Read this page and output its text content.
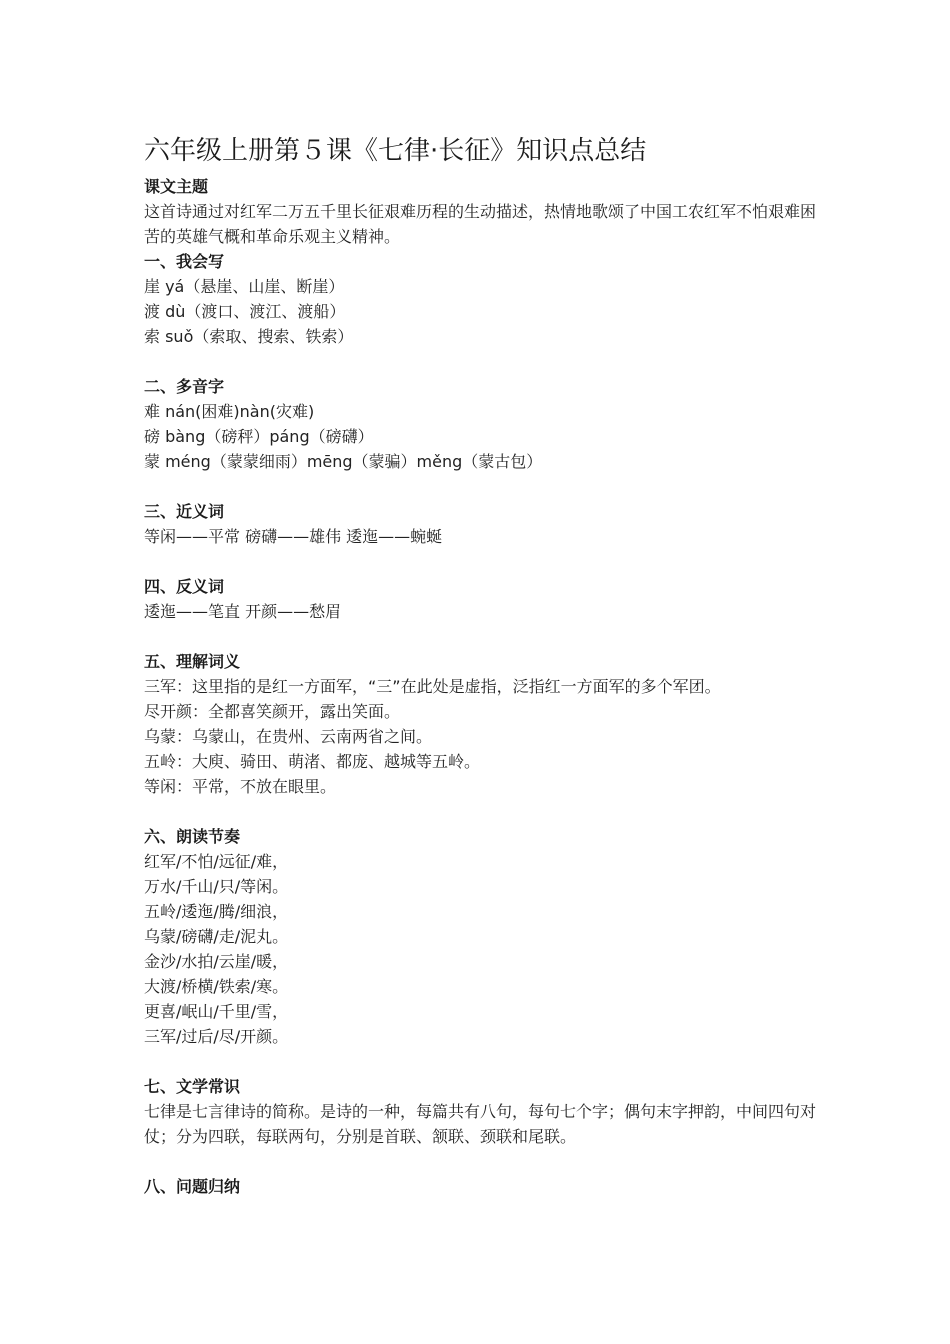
六年级上册第５课《七律·长征》知识点总结

课文主题

这首诗通过对红军二万五千里长征艰难历程的生动描述，热情地歌颂了中国工农红军不怕艰难困苦的英雄气概和革命乐观主义精神。

一、我会写

崖 yá（悬崖、山崖、断崖）

渡 dù（渡口、渡江、渡船）

索 suǒ（索取、搜索、铁索）

二、多音字

难 nán(困难)nàn(灾难)

磅 bàng（磅秤）páng（磅礴）

蒙 méng（蒙蒙细雨）mēng（蒙骗）měng（蒙古包）

三、近义词

等闲——平常 磅礴——雄伟 逶迤——蜿蜒

四、反义词

逶迤——笔直 开颜——愁眉

五、理解词义

三军：这里指的是红一方面军，“三”在此处是虚指，泛指红一方面军的多个军团。

尽开颜：全都喜笑颜开，露出笑面。

乌蒙：乌蒙山，在贵州、云南两省之间。

五岭：大庾、骑田、萌渚、都庞、越城等五岭。

等闲：平常，不放在眼里。

六、朗读节奏

红军/不怕/远征/难，

万水/千山/只/等闲。

五岭/逶迤/腾/细浪，

乌蒙/磅礴/走/泥丸。

金沙/水拍/云崖/暖，

大渡/桥横/铁索/寒。

更喜/岷山/千里/雪，

三军/过后/尽/开颜。

七、文学常识

七律是七言律诗的简称。是诗的一种，每篇共有八句，每句七个字；偶句末字押韵，中间四句对仗；分为四联，每联两句，分别是首联、颔联、颈联和尾联。

八、问题归纳
